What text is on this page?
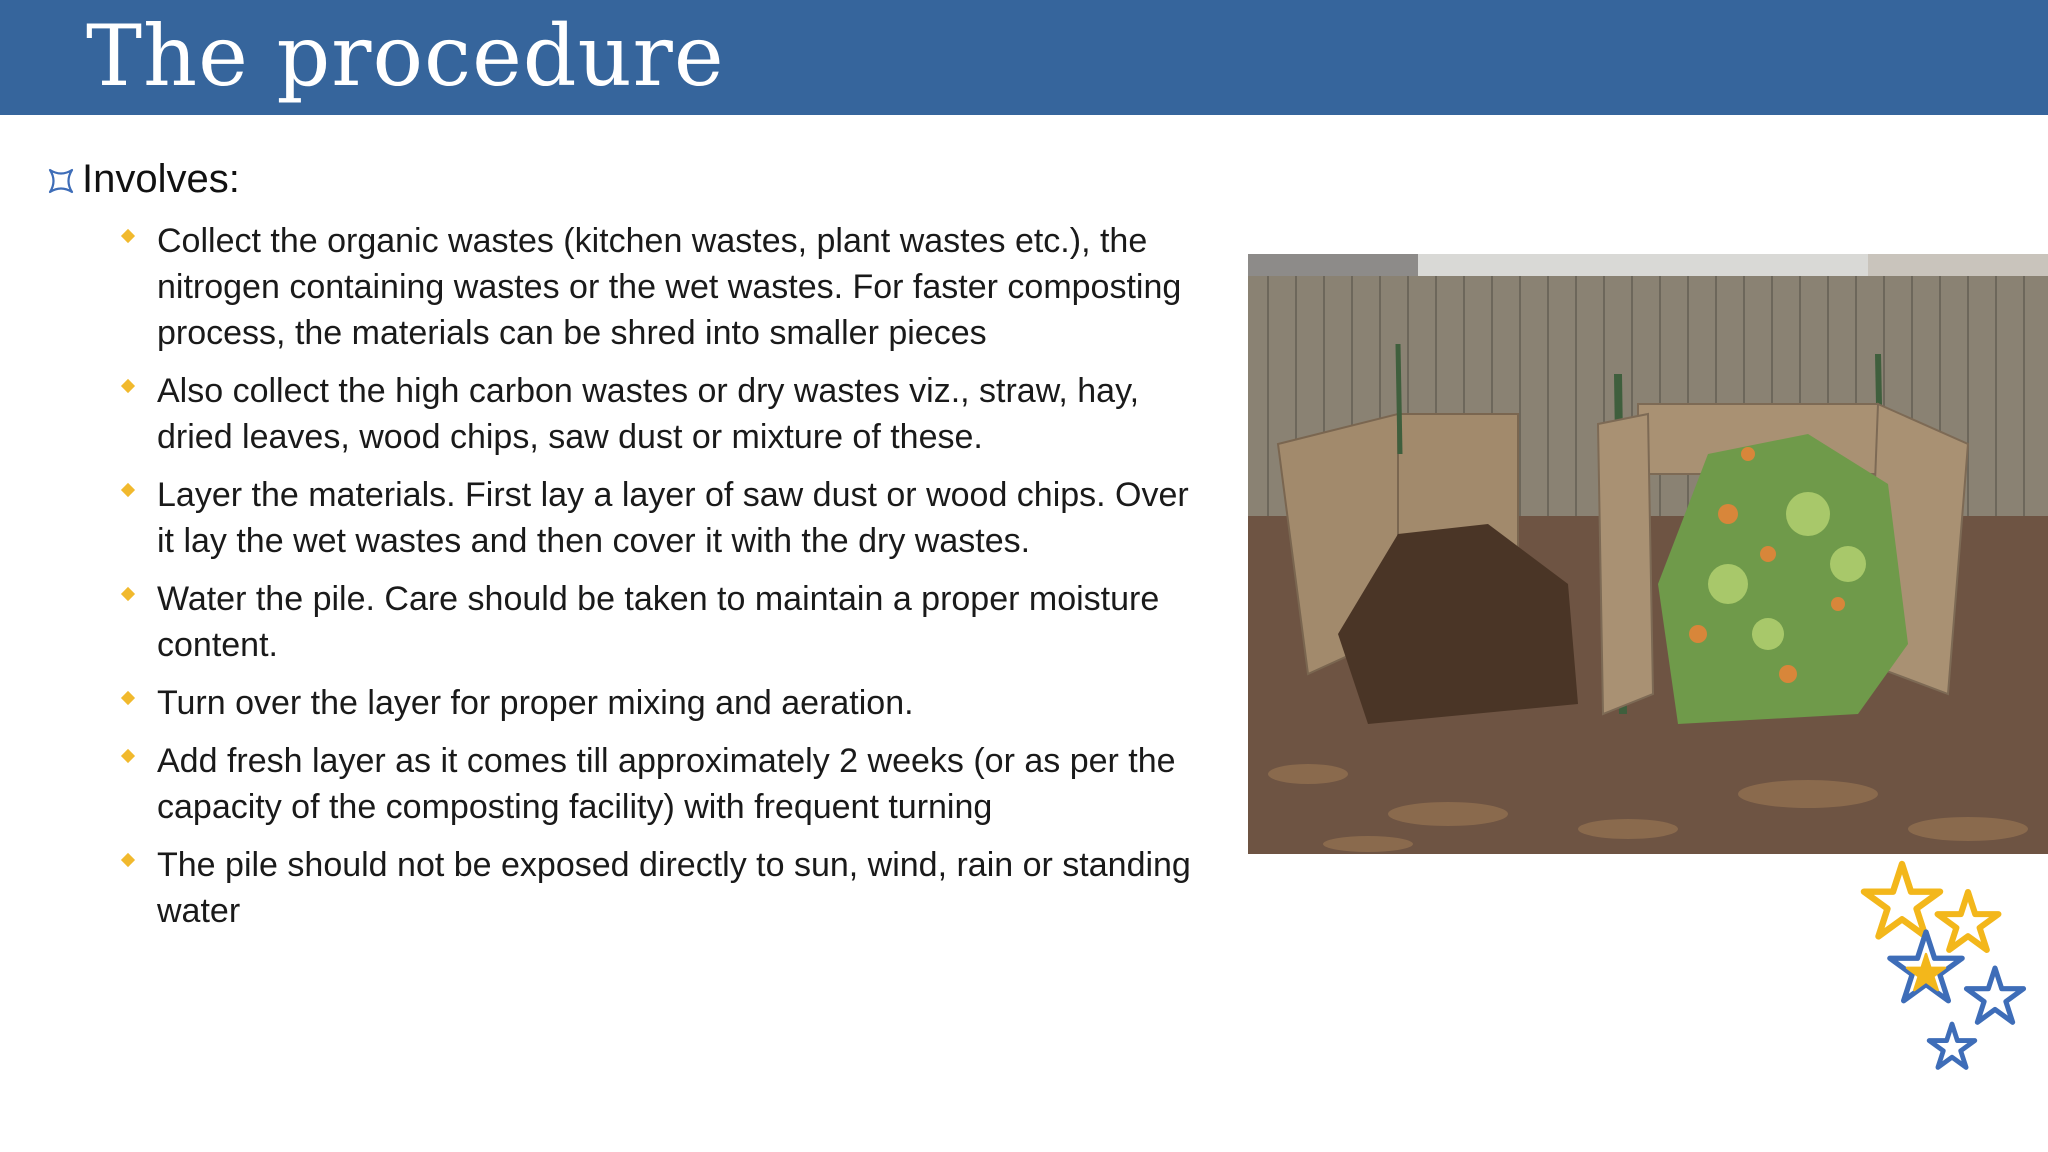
The procedure
Involves:
Collect the organic wastes (kitchen wastes, plant wastes etc.), the nitrogen containing wastes or the wet wastes. For faster composting process, the materials can be shred into smaller pieces
Also collect the high carbon wastes or dry wastes viz., straw, hay, dried leaves, wood chips, saw dust or mixture of these.
Layer the materials. First lay a layer of saw dust or wood chips. Over it lay the wet wastes and then cover it with the dry wastes.
Water the pile. Care should be taken to maintain a proper moisture content.
Turn over the layer for proper mixing and aeration.
Add fresh layer as it comes till approximately 2 weeks (or as per the capacity of the composting facility) with frequent turning
The pile should not be exposed directly to sun, wind, rain or standing water
